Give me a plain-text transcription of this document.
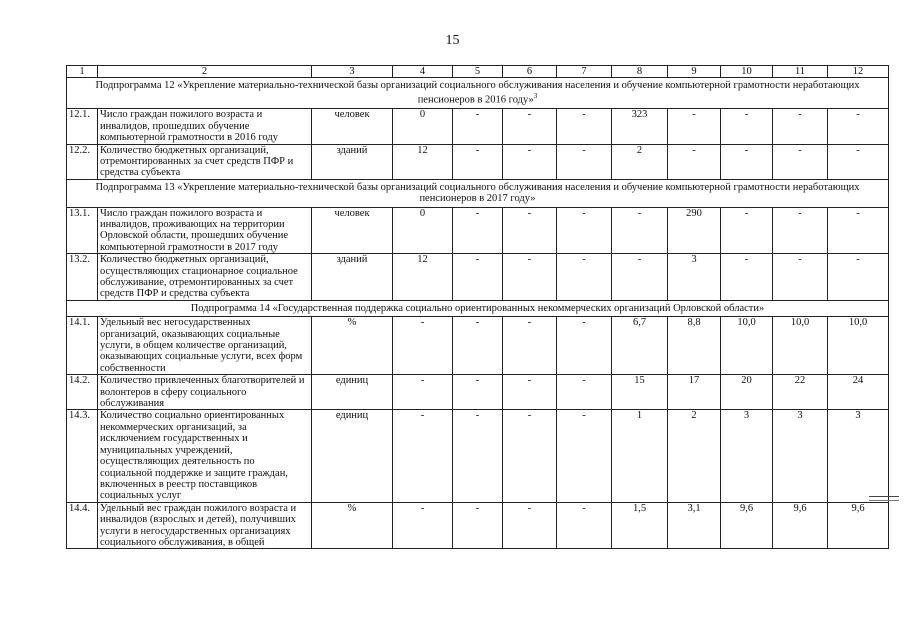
15
1	2	3	4	5	6	7	8	9	10	11	12
Подпрограмма 12 «Укрепление материально-технической базы организаций социального обслуживания населения и обучение компьютерной грамотности неработающих пенсионеров в 2016 году»$^3$
12.1.	Число граждан пожилого возраста и инвалидов, прошедших обучение компьютерной грамотности в 2016 году	человек	0	-	-	-	323	-	-	-	-
12.2.	Количество бюджетных организаций, отремонтированных за счет средств ПФР и средства субъекта	зданий	12	-	-	-	2	-	-	-	-
Подпрограмма 13 «Укрепление материально-технической базы организаций социального обслуживания населения и обучение компьютерной грамотности неработающих пенсионеров в 2017 году»											
13.1.	Число граждан пожилого возраста и инвалидов, проживающих на территории Орловской области, прошедших обучение компьютерной грамотности в 2017 году	человек	0	-	-	-	-	290	-	-	-
13.2.	Количество бюджетных организаций, осуществляющих стационарное социальное обслуживание, отремонтированных за счет средств ПФР и средства субъекта	зданий	12	-	-	-	-	3	-	-	-
Подпрограмма 14 «Государственная поддержка социально ориентированных некоммерческих организаций Орловской области»											
14.1.	Удельный вес негосударственных организаций, оказывающих социальные услуги, в общем количестве организаций, оказывающих социальные услуги, всех форм собственности	%	-	-	-	-	6,7	8,8	10,0	10,0	10,0
14.2.	Количество привлеченных благотворителей и волонтеров в сферу социального обслуживания	единиц	-	-	-	-	15	17	20	22	24
14.3.	Количество социально ориентированных некоммерческих организаций, за исключением государственных и муниципальных учреждений, осуществляющих деятельность по социальной поддержке и защите граждан, включенных в реестр поставщиков социальных услуг	единиц	-	-	-	-	1	2	3	3	3
14.4.	Удельный вес граждан пожилого возраста и инвалидов (взрослых и детей), получивших услуги в негосударственных организациях социального обслуживания, в общей	%	-	-	-	-	1,5	3,1	9,6	9,6	9,6
